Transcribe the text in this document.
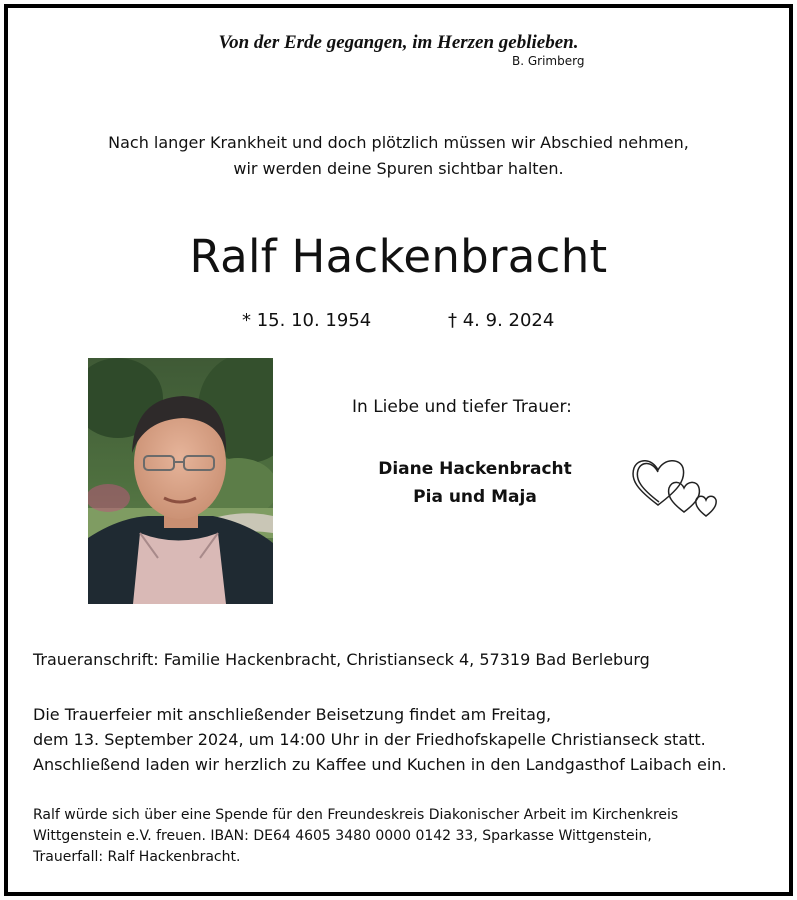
Von der Erde gegangen, im Herzen geblieben.
B. Grimberg
Nach langer Krankheit und doch plötzlich müssen wir Abschied nehmen,
wir werden deine Spuren sichtbar halten.
Ralf Hackenbracht
* 15. 10. 1954	† 4. 9. 2024
In Liebe und tiefer Trauer:
Diane Hackenbracht
Pia und Maja
Traueranschrift: Familie Hackenbracht, Christianseck 4, 57319 Bad Berleburg
Die Trauerfeier mit anschließender Beisetzung findet am Freitag,
dem 13. September 2024, um 14:00 Uhr in der Friedhofskapelle Christianseck statt.
Anschließend laden wir herzlich zu Kaffee und Kuchen in den Landgasthof Laibach ein.
Ralf würde sich über eine Spende für den Freundeskreis Diakonischer Arbeit im Kirchenkreis
Wittgenstein e.V. freuen. IBAN: DE64 4605 3480 0000 0142 33, Sparkasse Wittgenstein,
Trauerfall: Ralf Hackenbracht.
